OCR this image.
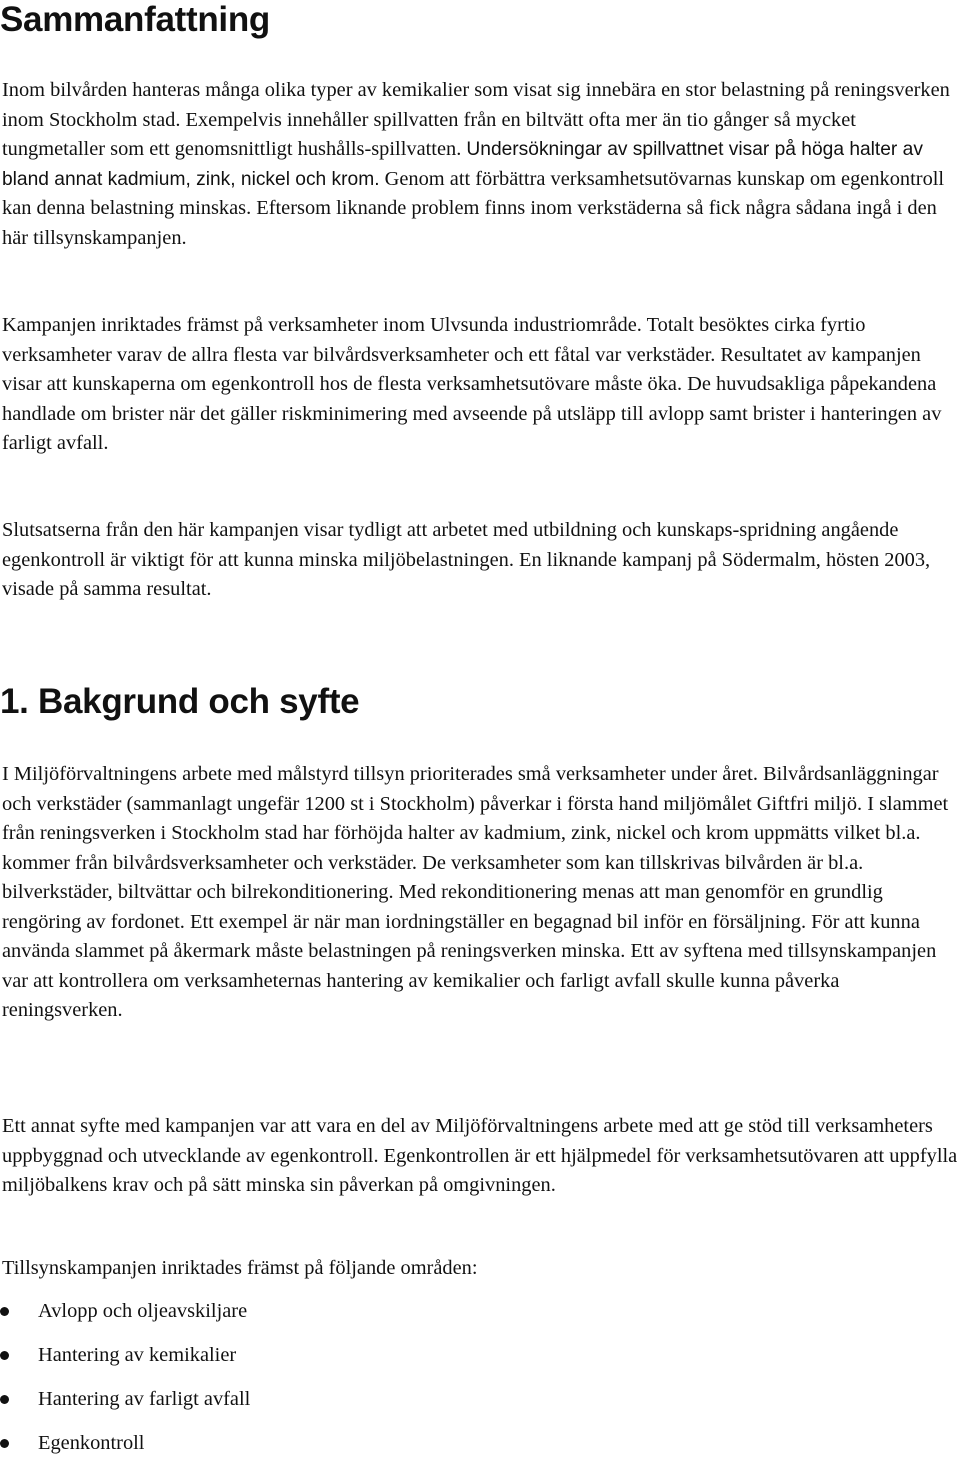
Sammanfattning

Inom bilvården hanteras många olika typer av kemikalier som visat sig innebära en stor belastning på reningsverken inom Stockholm stad. Exempelvis innehåller spillvatten från en biltvätt ofta mer än tio gånger så mycket tungmetaller som ett genomsnittligt hushålls-spillvatten. Undersökningar av spillvattnet visar på höga halter av bland annat kadmium, zink, nickel och krom. Genom att förbättra verksamhetsutövarnas kunskap om egenkontroll kan denna belastning minskas. Eftersom liknande problem finns inom verkstäderna så fick några sådana ingå i den här tillsynskampanjen.

Kampanjen inriktades främst på verksamheter inom Ulvsunda industriområde. Totalt besöktes cirka fyrtio verksamheter varav de allra flesta var bilvårdsverksamheter och ett fåtal var verkstäder. Resultatet av kampanjen visar att kunskaperna om egenkontroll hos de flesta verksamhetsutövare måste öka. De huvudsakliga påpekandena handlade om brister när det gäller riskminimering med avseende på utsläpp till avlopp samt brister i hanteringen av farligt avfall.

Slutsatserna från den här kampanjen visar tydligt att arbetet med utbildning och kunskaps-spridning angående egenkontroll är viktigt för att kunna minska miljöbelastningen. En liknande kampanj på Södermalm, hösten 2003, visade på samma resultat.

1. Bakgrund och syfte

I Miljöförvaltningens arbete med målstyrd tillsyn prioriterades små verksamheter under året. Bilvårdsanläggningar och verkstäder (sammanlagt ungefär 1200 st i Stockholm) påverkar i första hand miljömålet Giftfri miljö. I slammet från reningsverken i Stockholm stad har förhöjda halter av kadmium, zink, nickel och krom uppmätts vilket bl.a. kommer från bilvårdsverksamheter och verkstäder. De verksamheter som kan tillskrivas bilvården är bl.a. bilverkstäder, biltvättar och bilrekonditionering. Med rekonditionering menas att man genomför en grundlig rengöring av fordonet. Ett exempel är när man iordningställer en begagnad bil inför en försäljning. För att kunna använda slammet på åkermark måste belastningen på reningsverken minska. Ett av syftena med tillsynskampanjen var att kontrollera om verksamheternas hantering av kemikalier och farligt avfall skulle kunna påverka reningsverken.

Ett annat syfte med kampanjen var att vara en del av Miljöförvaltningens arbete med att ge stöd till verksamheters uppbyggnad och utvecklande av egenkontroll. Egenkontrollen är ett hjälpmedel för verksamhetsutövaren att uppfylla miljöbalkens krav och på sätt minska sin påverkan på omgivningen.

Tillsynskampanjen inriktades främst på följande områden:

Avlopp och oljeavskiljare
Hantering av kemikalier
Hantering av farligt avfall
Egenkontroll
